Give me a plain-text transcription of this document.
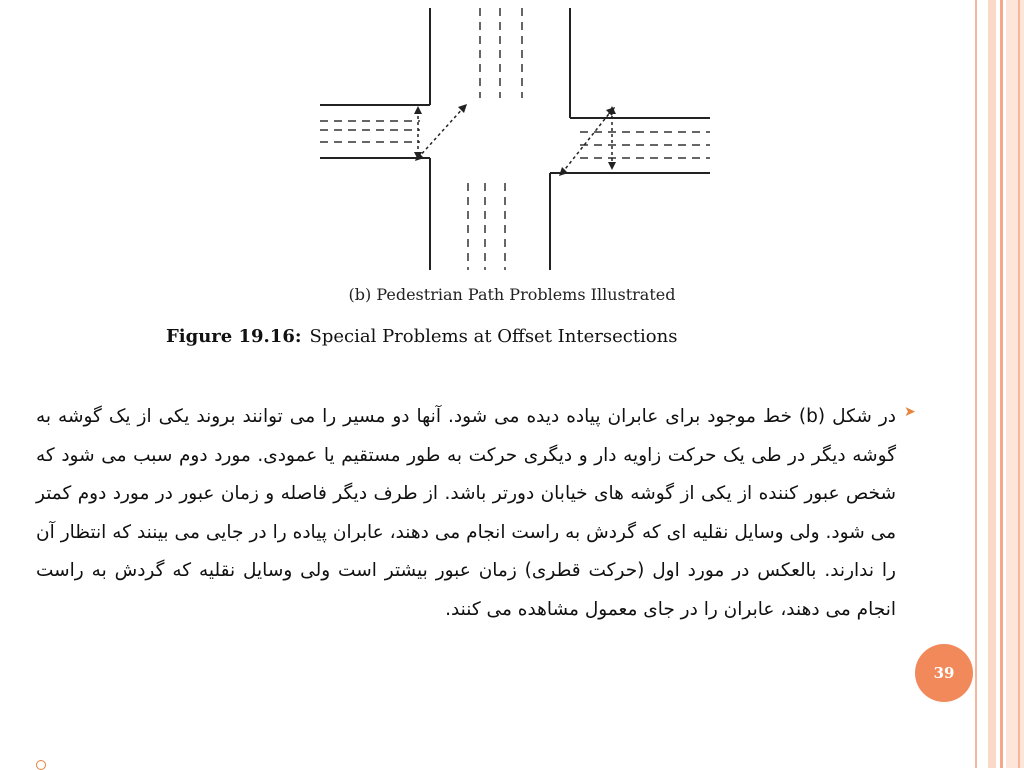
(b) Pedestrian Path Problems Illustrated
Figure 19.16: Special Problems at Offset Intersections
➤
در شکل (b) خط موجود برای عابران پیاده دیده می شود. آنها دو مسیر را می توانند بروند یکی از یک گوشه به گوشه دیگر در طی یک حرکت زاویه دار و دیگری حرکت به طور مستقیم یا عمودی. مورد دوم سبب می شود که شخص عبور کننده از یکی از گوشه های خیابان دورتر باشد. از طرف دیگر فاصله و زمان عبور در مورد دوم کمتر می شود. ولی وسایل نقلیه ای که گردش به راست انجام می دهند، عابران پیاده را در جایی می بینند که انتظار آن را ندارند. بالعکس در مورد اول (حرکت قطری) زمان عبور بیشتر است ولی وسایل نقلیه که گردش به راست انجام می دهند، عابران را در جای معمول مشاهده می کنند.
39
